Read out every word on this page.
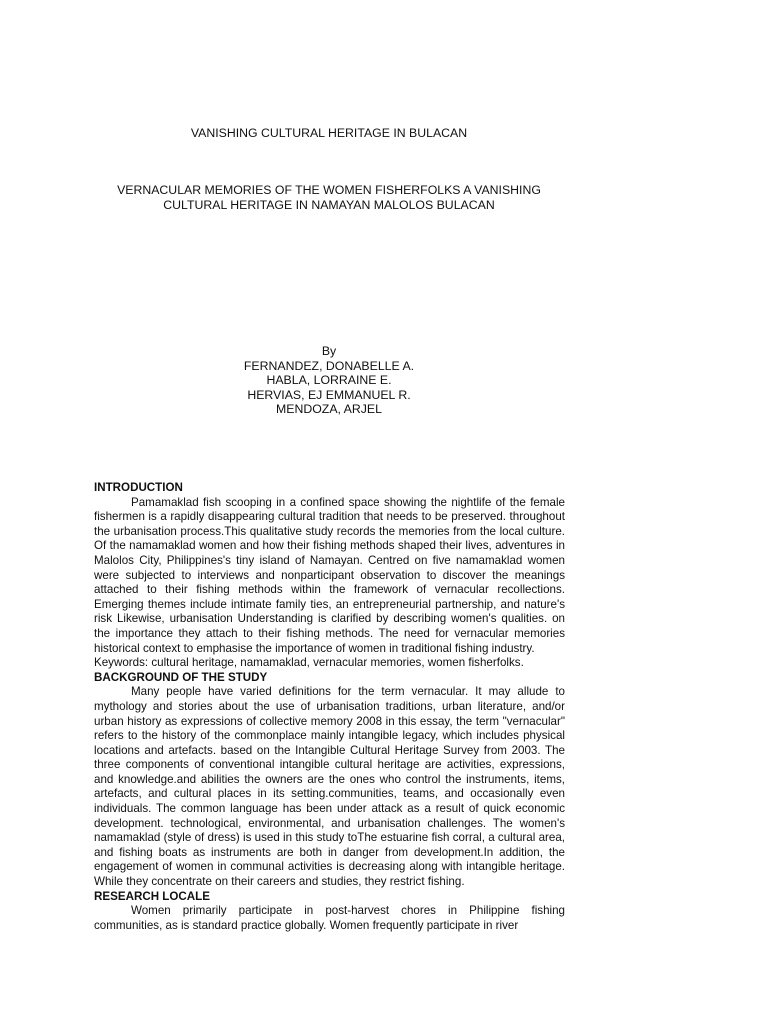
VANISHING CULTURAL HERITAGE IN BULACAN
VERNACULAR MEMORIES OF THE WOMEN FISHERFOLKS A VANISHING
CULTURAL HERITAGE IN NAMAYAN MALOLOS BULACAN
By
FERNANDEZ, DONABELLE A.
HABLA, LORRAINE E.
HERVIAS, EJ EMMANUEL R.
MENDOZA, ARJEL
INTRODUCTION

Pamamaklad fish scooping in a confined space showing the nightlife of the female fishermen is a rapidly disappearing cultural tradition that needs to be preserved. throughout the urbanisation process.This qualitative study records the memories from the local culture. Of the namamaklad women and how their fishing methods shaped their lives, adventures in Malolos City, Philippines's tiny island of Namayan. Centred on five namamaklad women were subjected to interviews and nonparticipant observation to discover the meanings attached to their fishing methods within the framework of vernacular recollections. Emerging themes include intimate family ties, an entrepreneurial partnership, and nature's risk Likewise, urbanisation Understanding is clarified by describing women's qualities. on the importance they attach to their fishing methods. The need for vernacular memories historical context to emphasise the importance of women in traditional fishing industry.

Keywords: cultural heritage, namamaklad, vernacular memories, women fisherfolks.

BACKGROUND OF THE STUDY

Many people have varied definitions for the term vernacular. It may allude to mythology and stories about the use of urbanisation traditions, urban literature, and/or urban history as expressions of collective memory 2008 in this essay, the term "vernacular" refers to the history of the commonplace mainly intangible legacy, which includes physical locations and artefacts. based on the Intangible Cultural Heritage Survey from 2003. The three components of conventional intangible cultural heritage are activities, expressions, and knowledge.and abilities the owners are the ones who control the instruments, items, artefacts, and cultural places in its setting.communities, teams, and occasionally even individuals. The common language has been under attack as a result of quick economic development. technological, environmental, and urbanisation challenges. The women's namamaklad (style of dress) is used in this study toThe estuarine fish corral, a cultural area, and fishing boats as instruments are both in danger from development.In addition, the engagement of women in communal activities is decreasing along with intangible heritage. While they concentrate on their careers and studies, they restrict fishing.

RESEARCH LOCALE

Women primarily participate in post-harvest chores in Philippine fishing communities, as is standard practice globally. Women frequently participate in river
